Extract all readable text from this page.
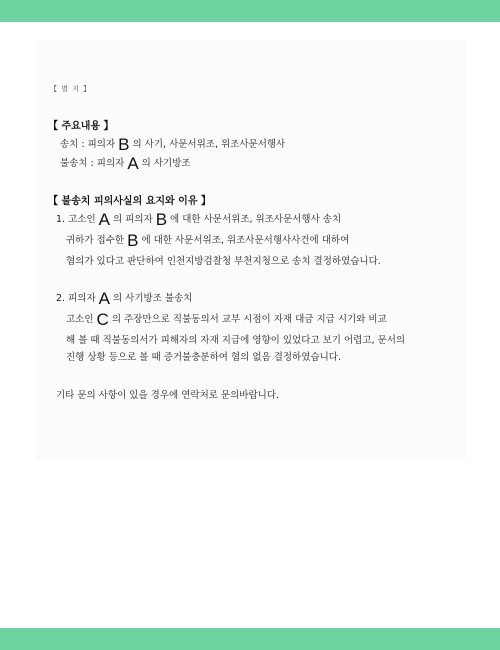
【 별 지 】
【 주요내용 】
송치 : 피의자 B 의 사기, 사문서위조, 위조사문서행사
불송치 : 피의자 A 의 사기방조
【 불송치 피의사실의 요지와 이유 】
1. 고소인 A 의 피의자 B 에 대한 사문서위조, 위조사문서행사 송치
귀하가 접수한 B 에 대한 사문서위조, 위조사문서행사사건에 대하여
혐의가 있다고 판단하여 인천지방검찰청 부천지청으로 송치 결정하였습니다.
2. 피의자 A 의 사기방조 불송치
고소인 C 의 주장만으로 직불동의서 교부 시점이 자재 대금 지급 시기와 비교
해 볼 때 직불동의서가 피해자의 자재 지급에 영향이 있었다고 보기 어렵고, 문서의
진행 상황 등으로 볼 때 증거불충분하여 혐의 없음 결정하였습니다.
기타 문의 사항이 있을 경우에 연락처로 문의바랍니다.
